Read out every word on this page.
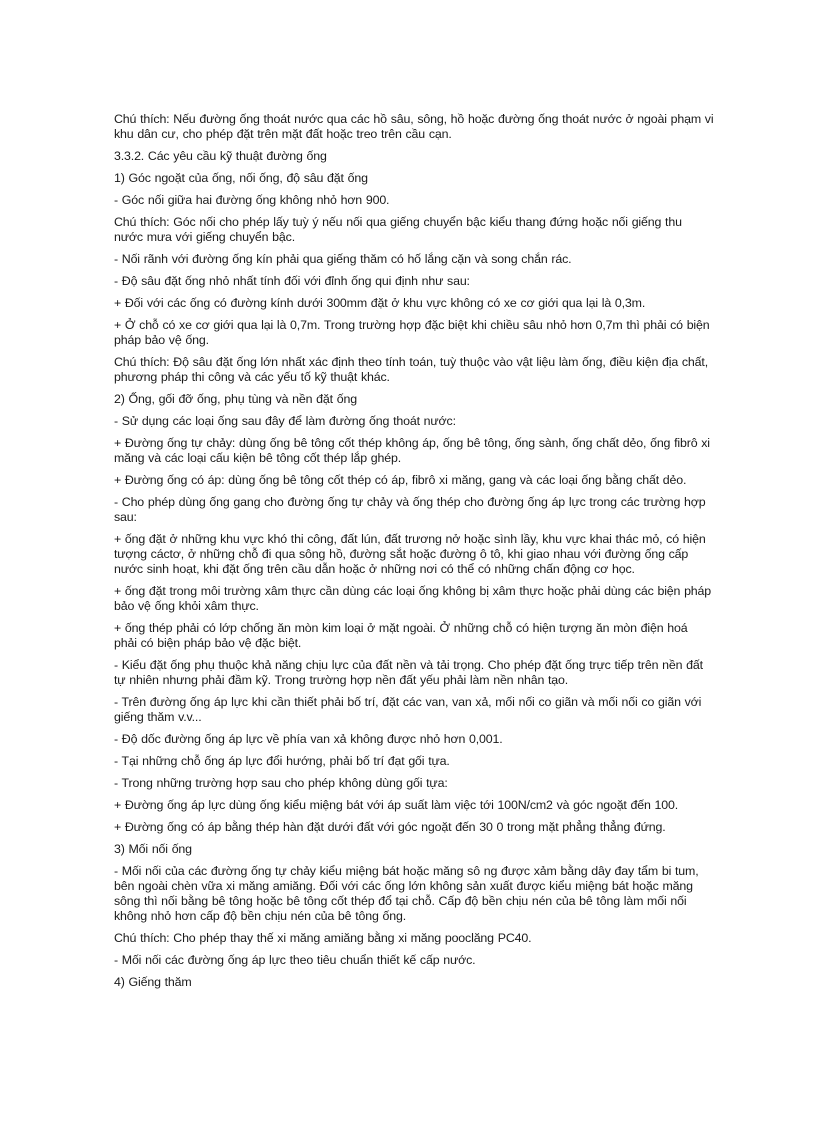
Chú thích: Nếu đường ống thoát nước qua các hồ sâu, sông, hồ hoặc đường ống thoát nước ở ngoài phạm vi khu dân cư, cho phép đặt trên mặt đất hoặc treo trên cầu cạn.

3.3.2. Các yêu cầu kỹ thuật đường ống

1) Góc ngoặt của ống, nối ống, độ sâu đặt ống

- Góc nối giữa hai đường ống không nhỏ hơn 900.

Chú thích: Góc nối cho phép lấy tuỳ ý nếu nối qua giếng chuyển bậc kiểu thang đứng hoặc nối giếng thu nước mưa với giếng chuyển bậc.

- Nối rãnh với đường ống kín phải qua giếng thăm có hố lắng cặn và song chắn rác.

- Độ sâu đặt ống nhỏ nhất tính đối với đỉnh ống qui định như sau:

+ Đối với các ống có đường kính dưới 300mm đặt ở khu vực không có xe cơ giới qua lại là 0,3m.

+ Ở chỗ có xe cơ giới qua lại là 0,7m. Trong trường hợp đặc biệt khi chiều sâu nhỏ hơn 0,7m thì phải có biện pháp bảo vệ ống.

Chú thích: Độ sâu đặt ống lớn nhất xác định theo tính toán, tuỳ thuộc vào vật liệu làm ống, điều kiện địa chất, phương pháp thi công và các yếu tố kỹ thuật khác.

2) Ống, gối đỡ ống, phụ tùng và nền đặt ống

- Sử dụng các loại ống sau đây để làm đường ống thoát nước:

+ Đường ống tự chảy: dùng ống bê tông cốt thép không áp, ống bê tông, ống sành, ống chất dẻo, ống fibrô xi măng và các loại cấu kiện bê tông cốt thép lắp ghép.

+ Đường ống có áp: dùng ống bê tông cốt thép có áp, fibrô xi măng, gang và các loại ống bằng chất dẻo.

- Cho phép dùng ống gang cho đường ống tự chảy và ống thép cho đường ống áp lực trong các trường hợp sau:

+ ống đặt ở những khu vực khó thi công, đất lún, đất trương nở hoặc sình lầy, khu vực khai thác mỏ, có hiện tượng cáctơ, ở những chỗ đi qua sông hồ, đường sắt hoặc đường ô tô, khi giao nhau với đường ống cấp nước sinh hoạt, khi đặt ống trên cầu dẫn hoặc ở những nơi có thể có những chấn động cơ học.

+ ống đặt trong môi trường xâm thực cần dùng các loại ống không bị xâm thực hoặc phải dùng các biện pháp bảo vệ ống khỏi xâm thực.

+ ống thép phải có lớp chống ăn mòn kim loại ở mặt ngoài. Ở những chỗ có hiện tượng ăn mòn điện hoá phải có biện pháp bảo vệ đặc biệt.

- Kiểu đặt ống phụ thuộc khả năng chịu lực của đất nền và tải trọng. Cho phép đặt ống trực tiếp trên nền đất tự nhiên nhưng phải đầm kỹ. Trong trường hợp nền đất yếu phải làm nền nhân tạo.

- Trên đường ống áp lực khi cần thiết phải bố trí, đặt các van, van xả, mối nối co giãn và mối nối co giãn với giếng thăm v.v...

- Độ dốc đường ống áp lực về phía van xả không được nhỏ hơn 0,001.

- Tại những chỗ ống áp lực đổi hướng, phải bố trí đạt gối tựa.

- Trong những trường hợp sau cho phép không dùng gối tựa:

+ Đường ống áp lực dùng ống kiểu miệng bát với áp suất làm việc tới 100N/cm2 và góc ngoặt đến 100.

+ Đường ống có áp bằng thép hàn đặt dưới đất với góc ngoặt đến 30 0 trong mặt phẳng thẳng đứng.

3) Mối nối ống

- Mối nối của các đường ống tự chảy kiểu miệng bát hoặc măng sô ng được xảm bằng dây đay tẩm bi tum, bên ngoài chèn vữa xi măng amiăng. Đối với các ống lớn không sản xuất được kiểu miệng bát hoặc măng sông thì nối bằng bê tông hoặc bê tông cốt thép đổ tại chỗ. Cấp độ bền chịu nén của bê tông làm mối nối không nhỏ hơn cấp độ bền chịu nén của bê tông ống.

Chú thích: Cho phép thay thế xi măng amiăng bằng xi măng pooclăng PC40.

- Mối nối các đường ống áp lực theo tiêu chuẩn thiết kế cấp nước.

4) Giếng thăm
